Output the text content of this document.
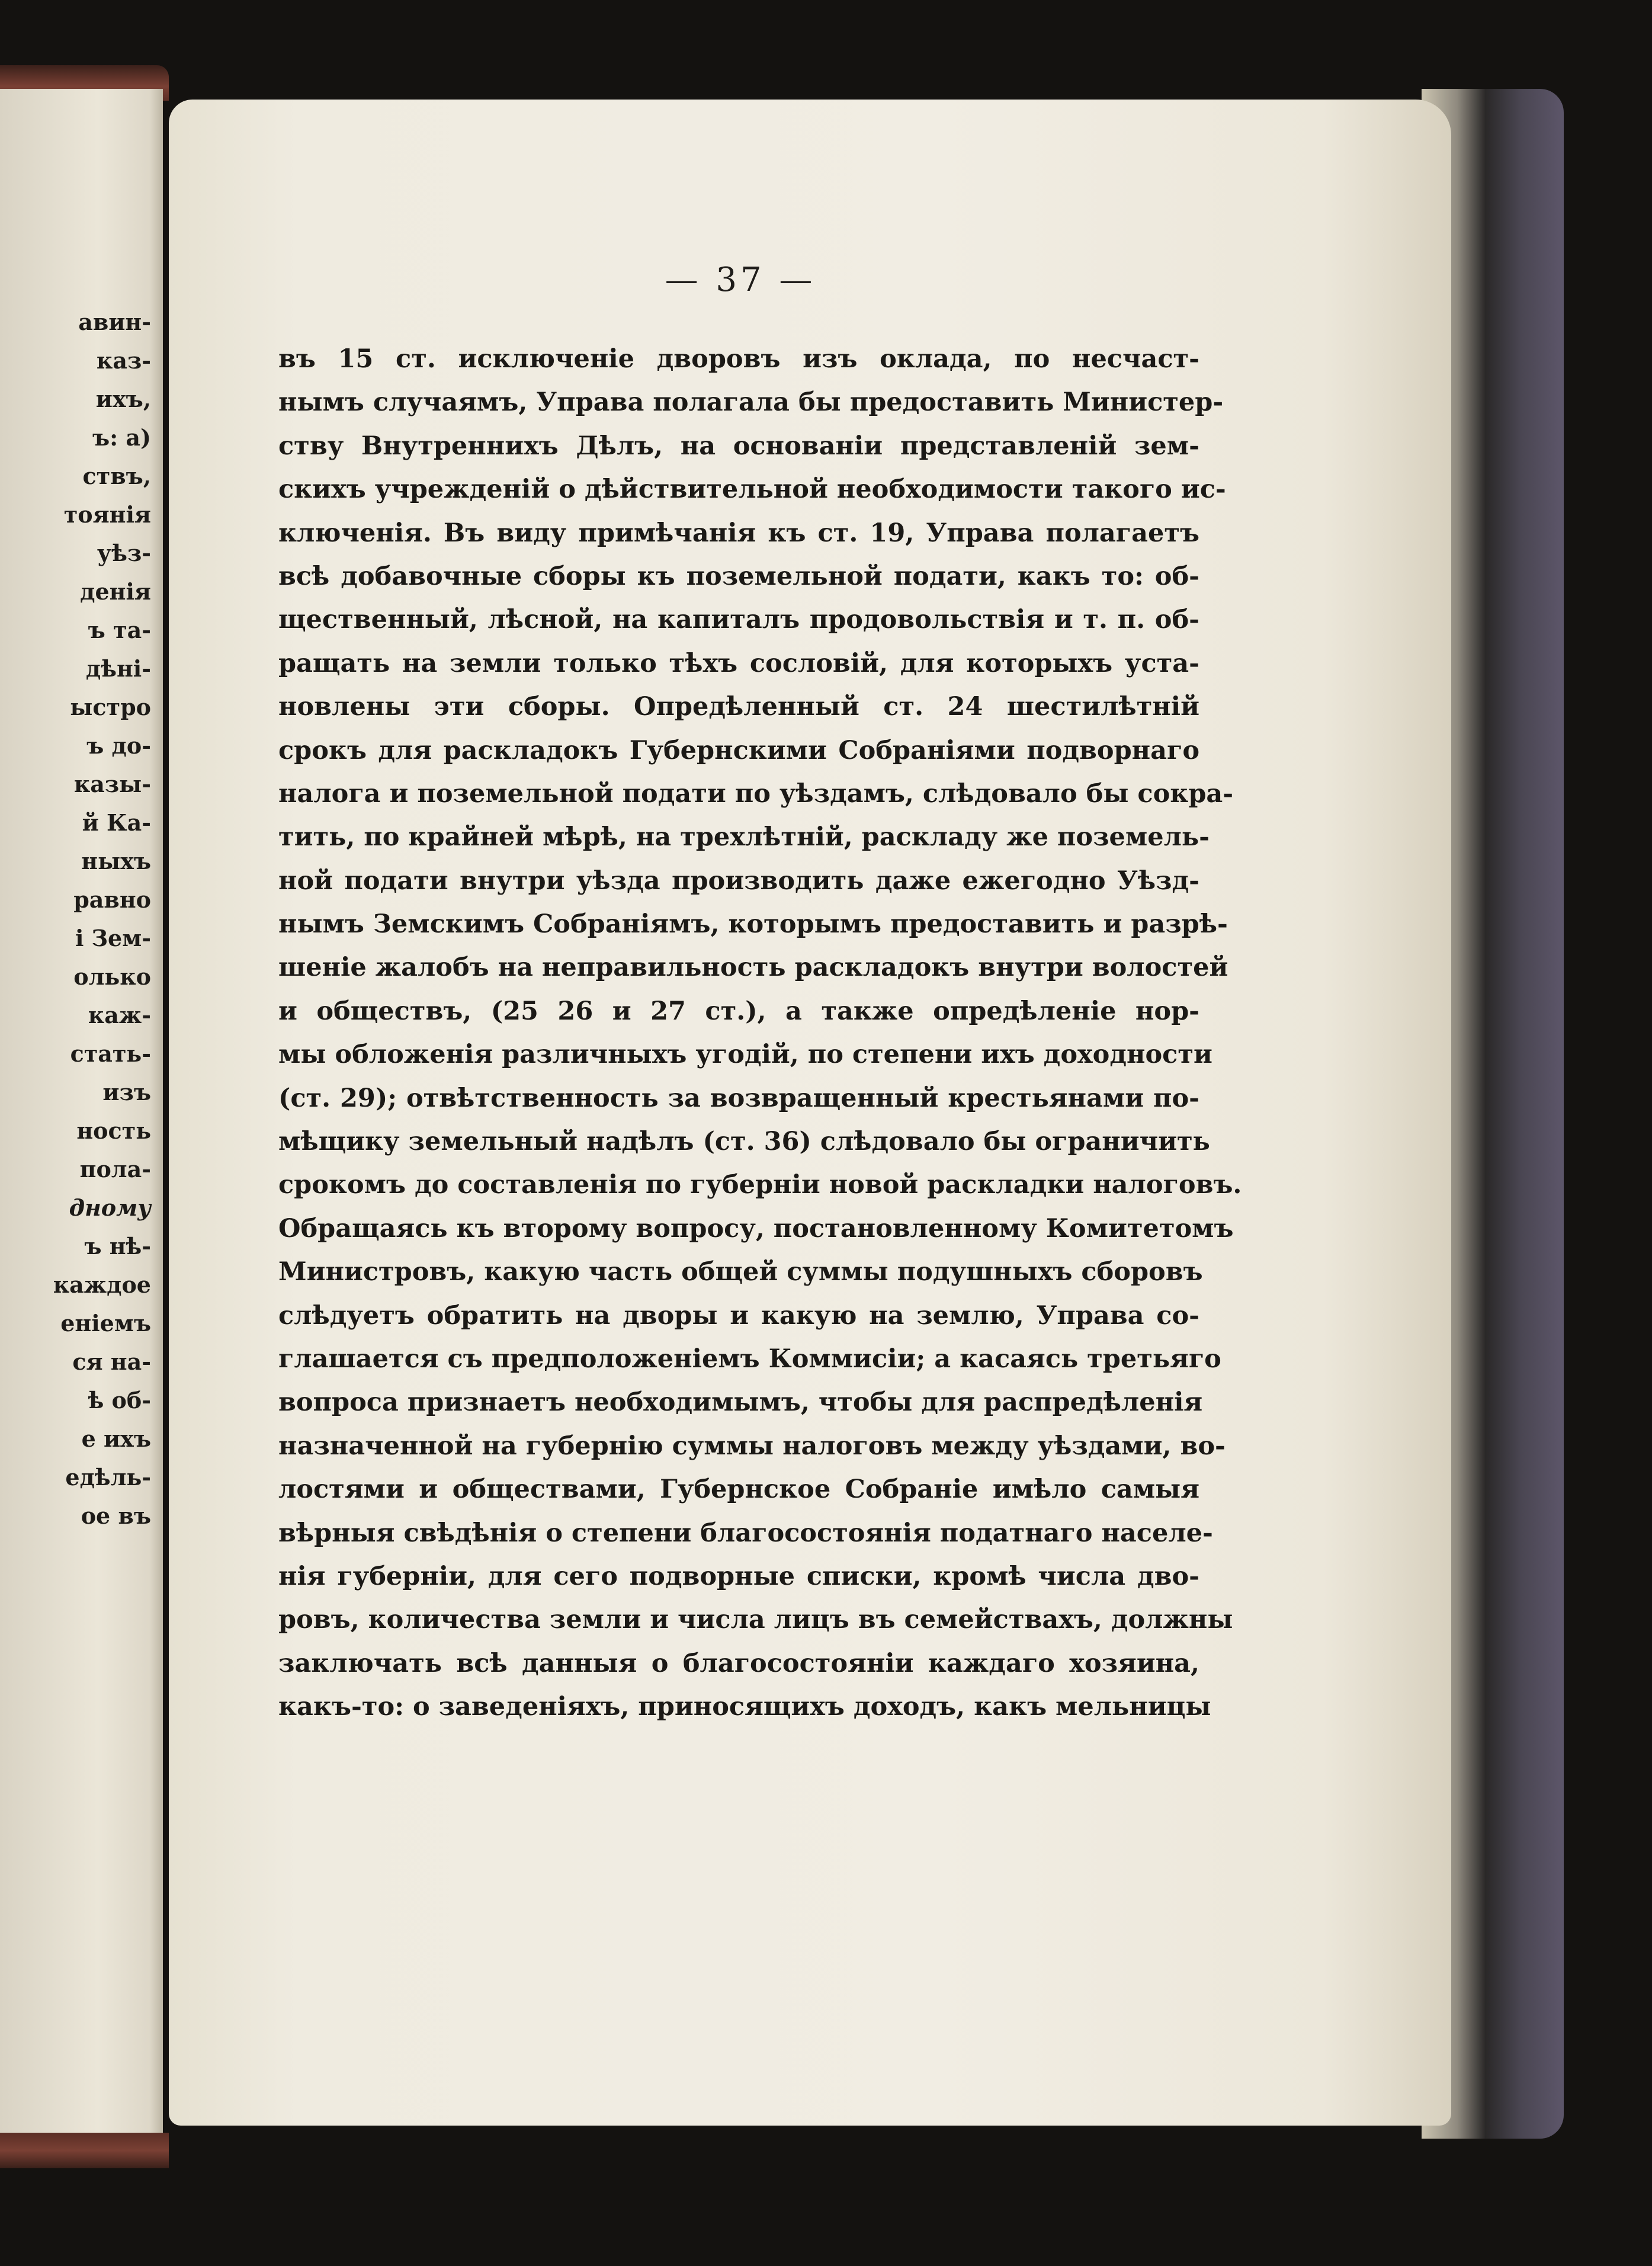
авин-
каз-
ихъ,
ъ: а)
ствъ,
тоянія
уѣз-
денія
ъ та-
дѣні-
ыстро
ъ до-
казы-
й Ка-
ныхъ
равно
і Зем-
олько
каж-
стать-
изъ
ность
пола-
дному
ъ нѣ-
каждое
еніемъ
ся на-
ѣ об-
е ихъ
едѣль-
ое въ
— 37 —
въ 15 ст. исключеніе дворовъ изъ оклада, по несчаст-
нымъ случаямъ, Управа полагала бы предоставить Министер-
ству Внутреннихъ Дѣлъ, на основаніи представленій зем-
скихъ учрежденій о дѣйствительной необходимости такого ис-
ключенія. Въ виду примѣчанія къ ст. 19, Управа полагаетъ
всѣ добавочные сборы къ поземельной подати, какъ то: об-
щественный, лѣсной, на капиталъ продовольствія и т. п. об-
ращать на земли только тѣхъ сословій, для которыхъ уста-
новлены эти сборы. Опредѣленный ст. 24 шестилѣтній
срокъ для раскладокъ Губернскими Собраніями подворнаго
налога и поземельной подати по уѣздамъ, слѣдовало бы сокра-
тить, по крайней мѣрѣ, на трехлѣтній, раскладу же поземель-
ной подати внутри уѣзда производить даже ежегодно Уѣзд-
нымъ Земскимъ Собраніямъ, которымъ предоставить и разрѣ-
шеніе жалобъ на неправильность раскладокъ внутри волостей
и обществъ, (25 26 и 27 ст.), а также опредѣленіе нор-
мы обложенія различныхъ угодій, по степени ихъ доходности
(ст. 29); отвѣтственность за возвращенный крестьянами по-
мѣщику земельный надѣлъ (ст. 36) слѣдовало бы ограничить
срокомъ до составленія по губерніи новой раскладки налоговъ.
Обращаясь къ второму вопросу, постановленному Комитетомъ
Министровъ, какую часть общей суммы подушныхъ сборовъ
слѣдуетъ обратить на дворы и какую на землю, Управа со-
глашается съ предположеніемъ Коммисіи; а касаясь третьяго
вопроса признаетъ необходимымъ, чтобы для распредѣленія
назначенной на губернію суммы налоговъ между уѣздами, во-
лостями и обществами, Губернское Собраніе имѣло самыя
вѣрныя свѣдѣнія о степени благосостоянія податнаго населе-
нія губерніи, для сего подворные списки, кромѣ числа дво-
ровъ, количества земли и числа лицъ въ семействахъ, должны
заключать всѣ данныя о благосостояніи каждаго хозяина,
какъ-то: о заведеніяхъ, приносящихъ доходъ, какъ мельницы
